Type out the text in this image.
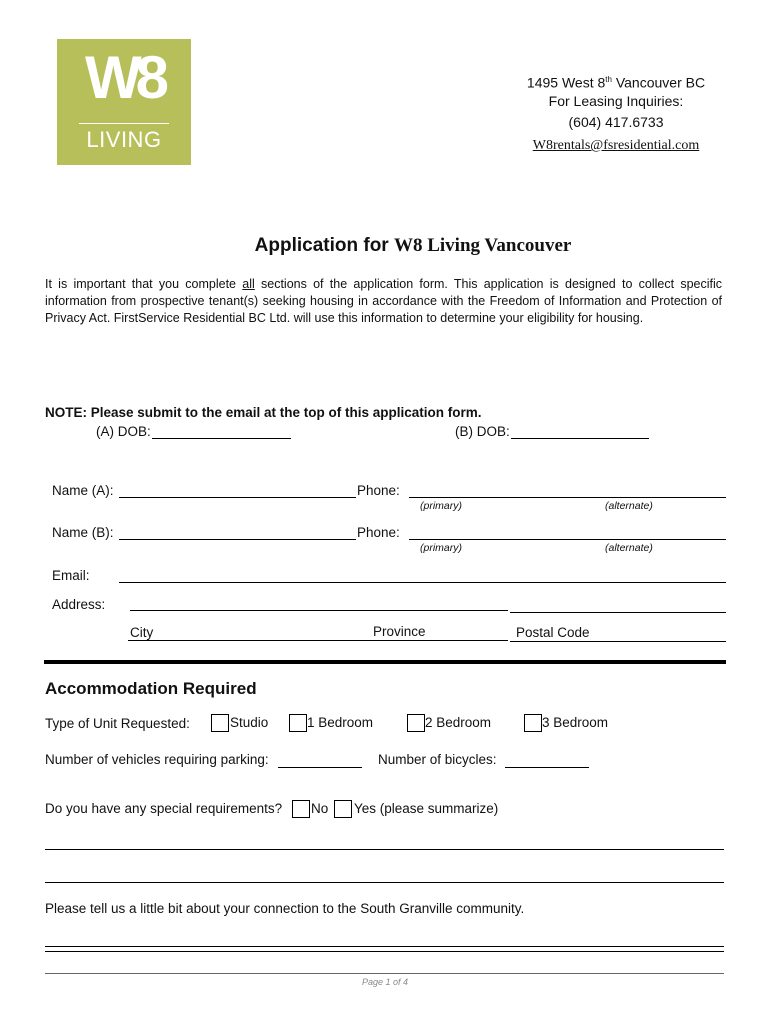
W8
LIVING
1495 West 8th Vancouver BC
For Leasing Inquiries:
(604) 417.6733
W8rentals@fsresidential.com
Application for W8 Living Vancouver
It is important that you complete all sections of the application form. This application is designed to collect specific information from prospective tenant(s) seeking housing in accordance with the Freedom of Information and Protection of Privacy Act. FirstService Residential BC Ltd. will use this information to determine your eligibility for housing.
NOTE: Please submit to the email at the top of this application form.
(A) DOB:	(B) DOB:
Name (A):	Phone:
(primary)	(alternate)
Name (B):	Phone:
(primary)	(alternate)
Email:
Address:
City	Province	Postal Code
Accommodation Required
Type of Unit Requested:	Studio	1 Bedroom	2 Bedroom	3 Bedroom
Number of vehicles requiring parking:	Number of bicycles:
Do you have any special requirements? No Yes (please summarize)
Please tell us a little bit about your connection to the South Granville community.
Page 1 of 4
